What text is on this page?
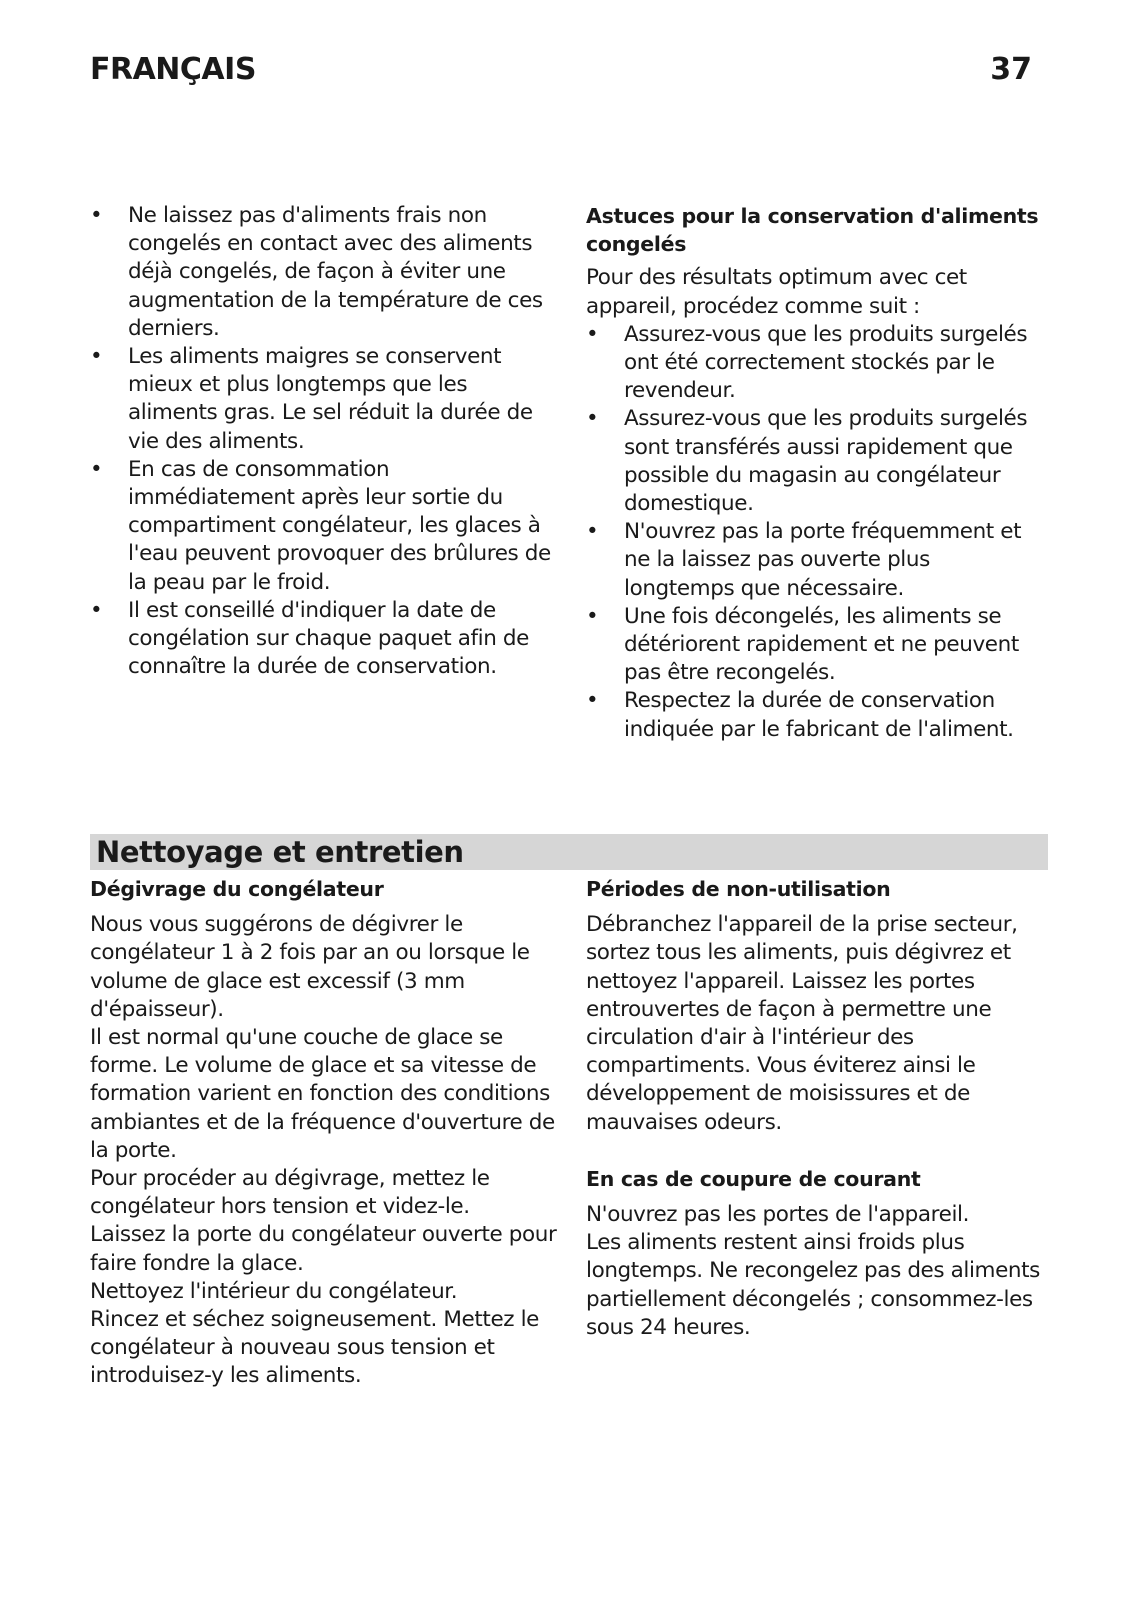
FRANÇAIS	37
• Ne laissez pas d'aliments frais non congelés en contact avec des aliments déjà congelés, de façon à éviter une augmentation de la température de ces derniers.
• Les aliments maigres se conservent mieux et plus longtemps que les aliments gras. Le sel réduit la durée de vie des aliments.
• En cas de consommation immédiatement après leur sortie du compartiment congélateur, les glaces à l'eau peuvent provoquer des brûlures de la peau par le froid.
• Il est conseillé d'indiquer la date de congélation sur chaque paquet afin de connaître la durée de conservation.
Astuces pour la conservation d'aliments congelés
Pour des résultats optimum avec cet appareil, procédez comme suit :
• Assurez-vous que les produits surgelés ont été correctement stockés par le revendeur.
• Assurez-vous que les produits surgelés sont transférés aussi rapidement que possible du magasin au congélateur domestique.
• N'ouvrez pas la porte fréquemment et ne la laissez pas ouverte plus longtemps que nécessaire.
• Une fois décongelés, les aliments se détériorent rapidement et ne peuvent pas être recongelés.
• Respectez la durée de conservation indiquée par le fabricant de l'aliment.
Nettoyage et entretien
Dégivrage du congélateur
Nous vous suggérons de dégivrer le congélateur 1 à 2 fois par an ou lorsque le volume de glace est excessif (3 mm d'épaisseur).
Il est normal qu'une couche de glace se forme. Le volume de glace et sa vitesse de formation varient en fonction des conditions ambiantes et de la fréquence d'ouverture de la porte.
Pour procéder au dégivrage, mettez le congélateur hors tension et videz-le.
Laissez la porte du congélateur ouverte pour faire fondre la glace.
Nettoyez l'intérieur du congélateur.
Rincez et séchez soigneusement. Mettez le congélateur à nouveau sous tension et introduisez-y les aliments.
Périodes de non-utilisation
Débranchez l'appareil de la prise secteur, sortez tous les aliments, puis dégivrez et nettoyez l'appareil. Laissez les portes entrouvertes de façon à permettre une circulation d'air à l'intérieur des compartiments. Vous éviterez ainsi le développement de moisissures et de mauvaises odeurs.
En cas de coupure de courant
N'ouvrez pas les portes de l'appareil.
Les aliments restent ainsi froids plus longtemps. Ne recongelez pas des aliments partiellement décongelés ; consommez-les sous 24 heures.
